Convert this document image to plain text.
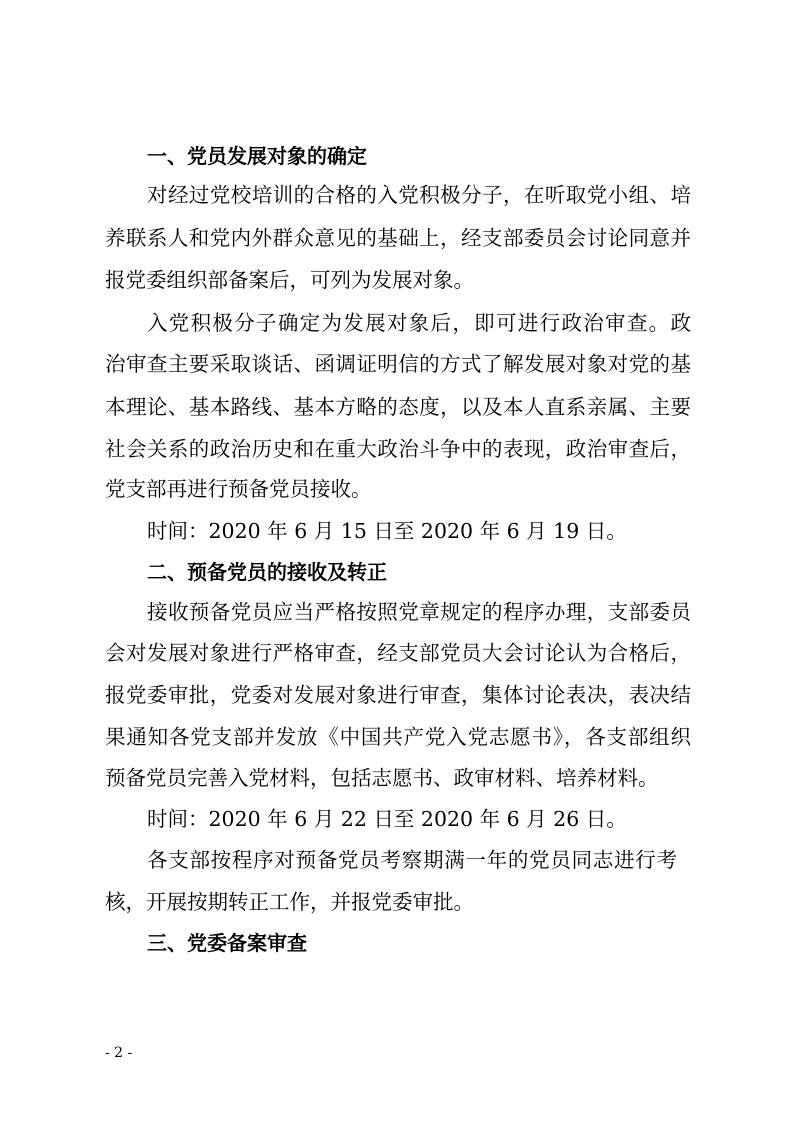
一、党员发展对象的确定
对经过党校培训的合格的入党积极分子，在听取党小组、培
养联系人和党内外群众意见的基础上，经支部委员会讨论同意并
报党委组织部备案后，可列为发展对象。
入党积极分子确定为发展对象后，即可进行政治审查。政
治审查主要采取谈话、函调证明信的方式了解发展对象对党的基
本理论、基本路线、基本方略的态度，以及本人直系亲属、主要
社会关系的政治历史和在重大政治斗争中的表现，政治审查后，
党支部再进行预备党员接收。
时间：2020 年 6 月 15 日至 2020 年 6 月 19 日。
二、预备党员的接收及转正
接收预备党员应当严格按照党章规定的程序办理，支部委员
会对发展对象进行严格审查，经支部党员大会讨论认为合格后，
报党委审批，党委对发展对象进行审查，集体讨论表决，表决结
果通知各党支部并发放《中国共产党入党志愿书》，各支部组织
预备党员完善入党材料，包括志愿书、政审材料、培养材料。
时间：2020 年 6 月 22 日至 2020 年 6 月 26 日。
各支部按程序对预备党员考察期满一年的党员同志进行考
核，开展按期转正工作，并报党委审批。
三、党委备案审查
- 2 -
